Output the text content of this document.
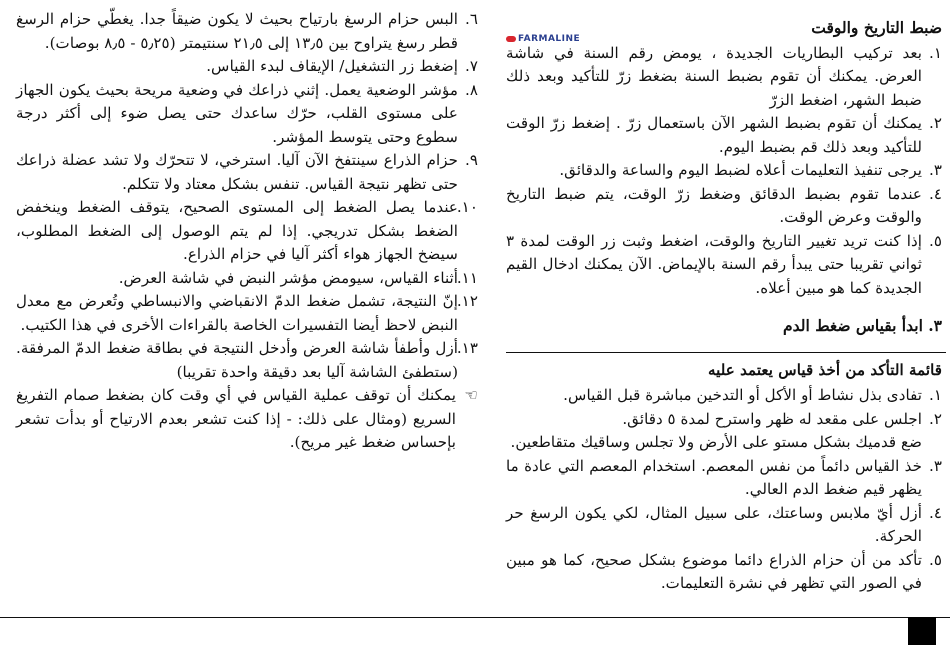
FARMALINE
ضبط التاريخ والوقت
١.
بعد تركيب البطاريات الجديدة ، يومض رقم السنة في شاشة العرض. يمكنك أن تقوم بضبط السنة بضغط زرّ للتأكيد وبعد ذلك ضبط الشهر، اضغط الزرّ
٢.
يمكنك أن تقوم بضبط الشهر الآن باستعمال زرّ . إضغط زرّ الوقت للتأكيد وبعد ذلك قم بضبط اليوم.
٣.
يرجى تنفيذ التعليمات أعلاه لضبط اليوم والساعة والدقائق.
٤.
عندما تقوم بضبط الدقائق وضغط زرّ الوقت، يتم ضبط التاريخ والوقت وعرض الوقت.
٥.
إذا كنت تريد تغيير التاريخ والوقت، اضغط وثبت زر الوقت لمدة ٣ ثواني تقريبا حتى يبدأ رقم السنة بالإيماض. الآن يمكنك ادخال القيم الجديدة كما هو مبين أعلاه.
٣. ابدأ بقياس ضغط الدم
قائمة التأكد من أخذ قياس يعتمد عليه
١.
تفادى بذل نشاط أو الأكل أو التدخين مباشرة قبل القياس.
٢.
اجلس على مقعد له ظهر واسترح لمدة ٥ دقائق.
ضع قدميك بشكل مستو على الأرض ولا تجلس وساقيك متقاطعين.
٣.
خذ القياس دائماً من نفس المعصم. استخدام المعصم التي عادة ما يظهر قيم ضغط الدم العالي.
٤.
أزل أيّ ملابس وساعتك، على سبيل المثال، لكي يكون الرسغ حر الحركة.
٥.
تأكد من أن حزام الذراع دائما موضوع بشكل صحيح، كما هو مبين في الصور التي تظهر في نشرة التعليمات.
٦.
البس حزام الرسغ بارتياح بحيث لا يكون ضيقاً جدا. يغطّي حزام الرسغ قطر رسغ يتراوح بين ١٣٫٥ إلى ٢١٫٥ سنتيمتر (٥٫٢٥ - ٨٫٥ بوصات).
٧.
إضغط زر التشغيل/ الإيقاف لبدء القياس.
٨.
مؤشر الوضعية يعمل. إثني ذراعك في وضعية مريحة بحيث يكون الجهاز على مستوى القلب، حرّك ساعدك حتى يصل ضوء إلى أكثر درجة سطوع وحتى يتوسط المؤشر.
٩.
حزام الذراع سينتفخ الآن آليا. استرخي، لا تتحرّك ولا تشد عضلة ذراعك حتى تظهر نتيجة القياس. تنفس بشكل معتاد ولا تتكلم.
١٠.
عندما يصل الضغط إلى المستوى الصحيح، يتوقف الضغط وينخفض الضغط بشكل تدريجي. إذا لم يتم الوصول إلى الضغط المطلوب، سيضخ الجهاز هواء أكثر آليا في حزام الذراع.
١١.
أثناء القياس، سيومض مؤشر النبض في شاشة العرض.
١٢.
إنّ النتيجة، تشمل ضغط الدمّ الانقباضي والانبساطي وتُعرض مع معدل النبض لاحظ أيضا التفسيرات الخاصة بالقراءات الأخرى في هذا الكتيب.
١٣.
أزل وأطفأ شاشة العرض وأدخل النتيجة في بطاقة ضغط الدمّ المرفقة. (ستطفئ الشاشة آليا بعد دقيقة واحدة تقريبا)
☜
يمكنك أن توقف عملية القياس في أي وقت كان بضغط صمام التفريغ السريع (ومثال على ذلك: - إذا كنت تشعر بعدم الارتياح أو بدأت تشعر بإحساس ضغط غير مريح).
